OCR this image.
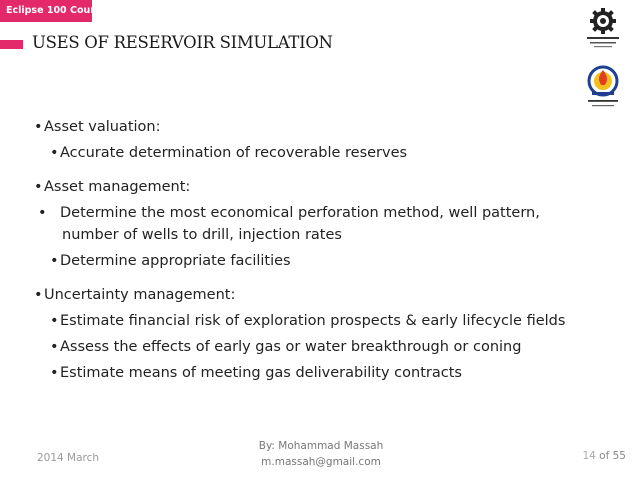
Eclipse 100 Course
USES OF RESERVOIR SIMULATION
•Asset valuation:
•Accurate determination of recoverable reserves
•Asset management:
• Determine the most economical perforation method, well pattern, number of wells to drill, injection rates
•Determine appropriate facilities
•Uncertainty management:
•Estimate financial risk of exploration prospects & early lifecycle fields
•Assess the effects of early gas or water breakthrough or coning
•Estimate means of meeting gas deliverability contracts
2014 March
By: Mohammad Massah
m.massah@gmail.com	14 of 55
